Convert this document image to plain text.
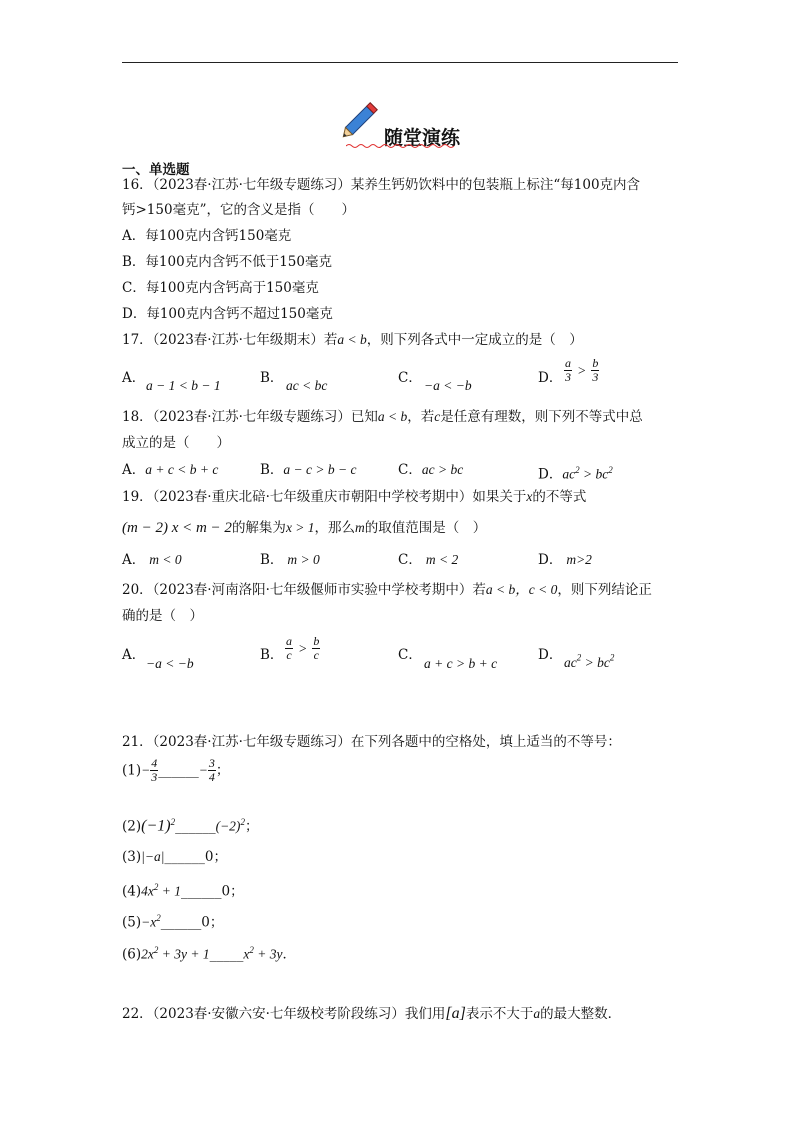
随堂演练
一、单选题
16．（2023春·江苏·七年级专题练习）某养生钙奶饮料中的包装瓶上标注“每100克内含
钙>150毫克”，它的含义是指（　　）
A．每100克内含钙150毫克
B．每100克内含钙不低于150毫克
C．每100克内含钙高于150毫克
D．每100克内含钙不超过150毫克
17．（2023春·江苏·七年级期末）若a < b，则下列各式中一定成立的是（　）
A． a − 1 < b − 1	B． ac < bc	C． −a < −b	D． $\frac{a}{3} > \frac{b}{3}$
18．（2023春·江苏·七年级专题练习）已知a < b，若c是任意有理数，则下列不等式中总
成立的是（　　）
A．a + c < b + c	B．a − c > b − c	C．ac > bc	D．$ac^2 > bc^2$
19．（2023春·重庆北碚·七年级重庆市朝阳中学校考期中）如果关于x的不等式
(m − 2) x < m − 2的解集为x > 1，那么m的取值范围是（　）
A． m < 0	B． m > 0	C． m < 2	D． m>2
20．（2023春·河南洛阳·七年级偃师市实验中学校考期中）若a < b，c < 0，则下列结论正
确的是（　）
A．
−a < −b
B． $\frac{a}{c} > \frac{b}{c}$	C．
a + c > b + c
D． $ac^2 > bc^2$
21．（2023春·江苏·七年级专题练习）在下列各题中的空格处，填上适当的不等号：
$(1)- \frac{4}{3}$ ______− $\frac{3}{4}$ ；
$(2)(-1)^2\_\_\_\_\_\_(-2)^2$；
(3)|−a|______0；
$(4)4x^2$ + 1______0；
$(5)-x^2\_\_\_\_\_\_0$；
$(6)2x^2 + 3y$ + $1\_\_\_\_\_x^2 + 3y$．
22．（2023春·安徽六安·七年级校考阶段练习）我们用[a]表示不大于a的最大整数．
